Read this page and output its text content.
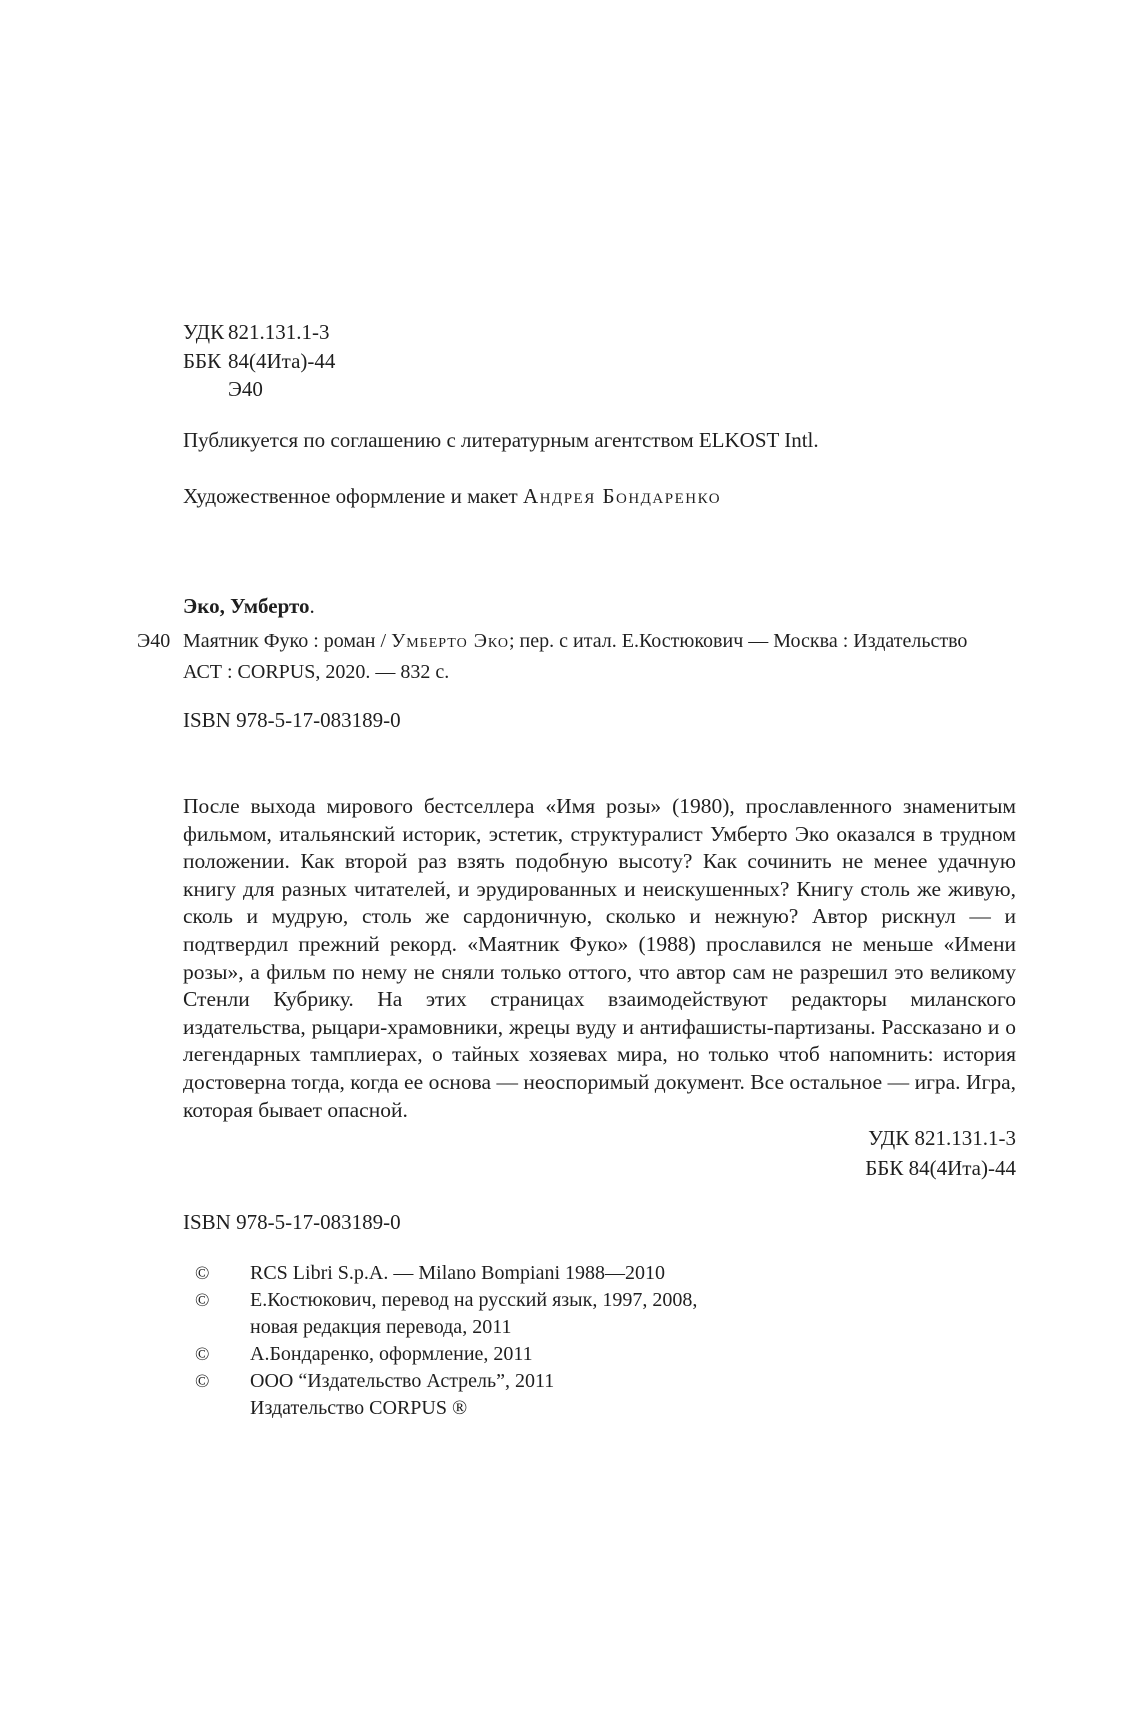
УДК 821.131.1-3
ББК 84(4Ита)-44
Э40
Публикуется по соглашению с литературным агентством ELKOST Intl.
Художественное оформление и макет Андрея Бондаренко
Эко, Умберто.
Э40 Маятник Фуко : роман / Умберто Эко; пер. с итал. Е.Костюкович — Москва : Издательство
АСТ : CORPUS, 2020. — 832 с.
ISBN 978-5-17-083189-0
После выхода мирового бестселлера «Имя розы» (1980), прославленного знаменитым фильмом, итальянский историк, эстетик, структуралист Умберто Эко оказался в трудном положении. Как второй раз взять подобную высоту? Как сочинить не менее удачную книгу для разных читателей, и эрудированных и неискушенных? Книгу столь же живую, сколь и мудрую, столь же сардоничную, сколько и нежную? Автор рискнул — и подтвердил прежний рекорд. «Маятник Фуко» (1988) прославился не меньше «Имени розы», а фильм по нему не сняли только оттого, что автор сам не разрешил это великому Стенли Кубрику. На этих страницах взаимодействуют редакторы миланского издательства, рыцари-храмовники, жрецы вуду и антифашисты-партизаны. Рассказано и о легендарных тамплиерах, о тайных хозяевах мира, но только чтоб напомнить: история достоверна тогда, когда ее основа — неоспоримый документ. Все остальное — игра. Игра, которая бывает опасной.
УДК 821.131.1-3
ББК 84(4Ита)-44
ISBN 978-5-17-083189-0
©	RCS Libri S.p.A. — Milano Bompiani 1988—2010
©	Е.Костюкович, перевод на русский язык, 1997, 2008,
новая редакция перевода, 2011
©	А.Бондаренко, оформление, 2011
©	ООО “Издательство Астрель”, 2011
Издательство CORPUS ®
